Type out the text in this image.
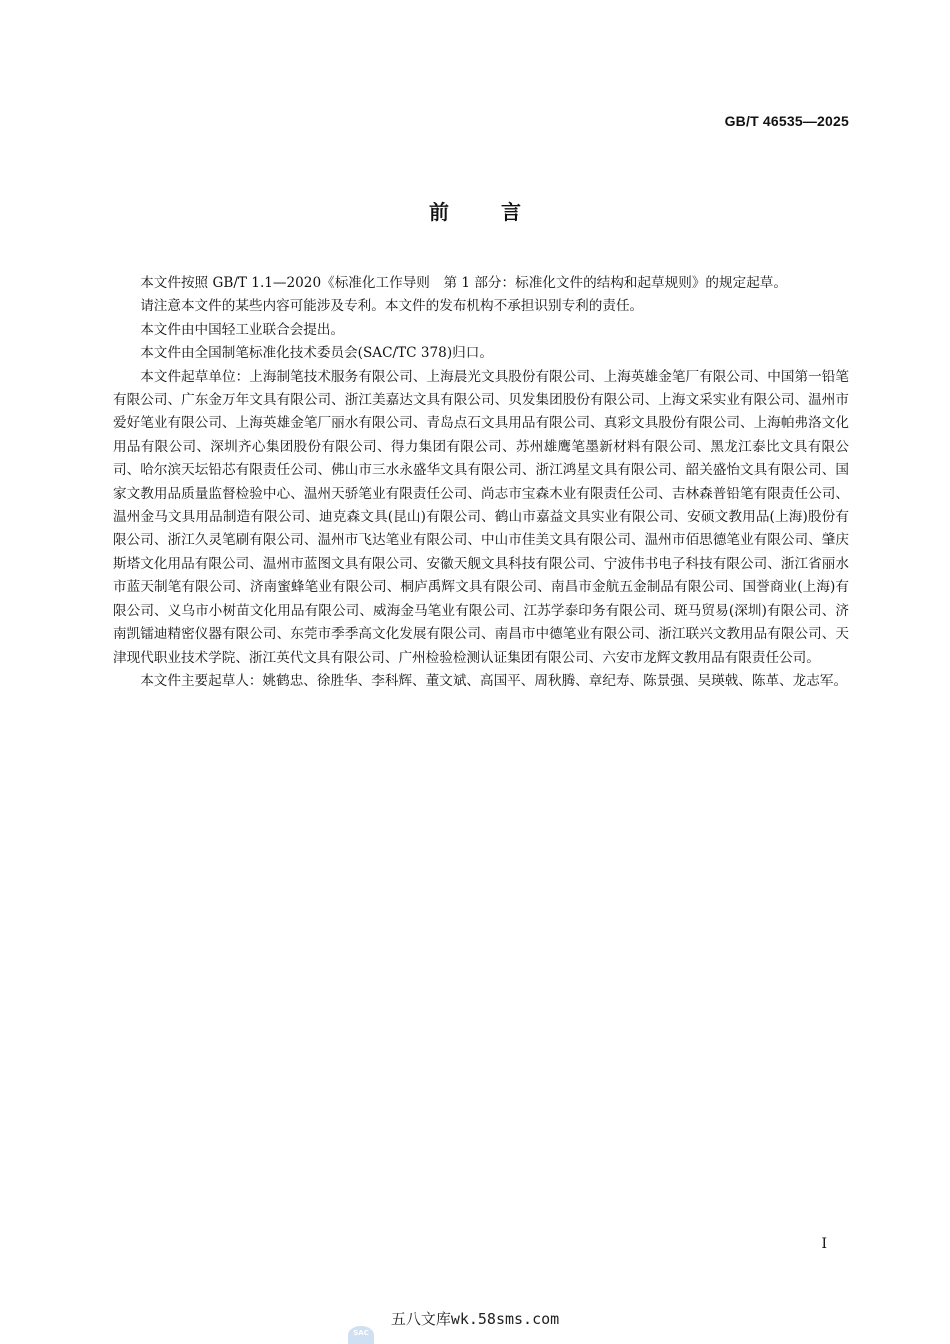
GB/T 46535—2025
前	言

本文件按照 GB/T 1.1—2020《标准化工作导则　第 1 部分：标准化文件的结构和起草规则》的规定起草。

请注意本文件的某些内容可能涉及专利。本文件的发布机构不承担识别专利的责任。

本文件由中国轻工业联合会提出。

本文件由全国制笔标准化技术委员会(SAC/TC 378)归口。

本文件起草单位：上海制笔技术服务有限公司、上海晨光文具股份有限公司、上海英雄金笔厂有限公司、中国第一铅笔有限公司、广东金万年文具有限公司、浙江美嘉达文具有限公司、贝发集团股份有限公司、上海文采实业有限公司、温州市爱好笔业有限公司、上海英雄金笔厂丽水有限公司、青岛点石文具用品有限公司、真彩文具股份有限公司、上海帕弗洛文化用品有限公司、深圳齐心集团股份有限公司、得力集团有限公司、苏州雄鹰笔墨新材料有限公司、黑龙江泰比文具有限公司、哈尔滨天坛铅芯有限责任公司、佛山市三水永盛华文具有限公司、浙江鸿星文具有限公司、韶关盛怡文具有限公司、国家文教用品质量监督检验中心、温州天骄笔业有限责任公司、尚志市宝森木业有限责任公司、吉林森普铅笔有限责任公司、温州金马文具用品制造有限公司、迪克森文具(昆山)有限公司、鹤山市嘉益文具实业有限公司、安硕文教用品(上海)股份有限公司、浙江久灵笔刷有限公司、温州市飞达笔业有限公司、中山市佳美文具有限公司、温州市佰思德笔业有限公司、肇庆斯塔文化用品有限公司、温州市蓝图文具有限公司、安徽天舰文具科技有限公司、宁波伟书电子科技有限公司、浙江省丽水市蓝天制笔有限公司、济南蜜蜂笔业有限公司、桐庐禹辉文具有限公司、南昌市金航五金制品有限公司、国誉商业(上海)有限公司、义乌市小树苗文化用品有限公司、威海金马笔业有限公司、江苏学泰印务有限公司、斑马贸易(深圳)有限公司、济南凯镭迪精密仪器有限公司、东莞市季季高文化发展有限公司、南昌市中德笔业有限公司、浙江联兴文教用品有限公司、天津现代职业技术学院、浙江英代文具有限公司、广州检验检测认证集团有限公司、六安市龙辉文教用品有限责任公司。

本文件主要起草人：姚鹤忠、徐胜华、李科辉、董文斌、高国平、周秋腾、章纪寿、陈景强、吴瑛戟、陈革、龙志军。

I
五八文库wk.58sms.com
SAC
